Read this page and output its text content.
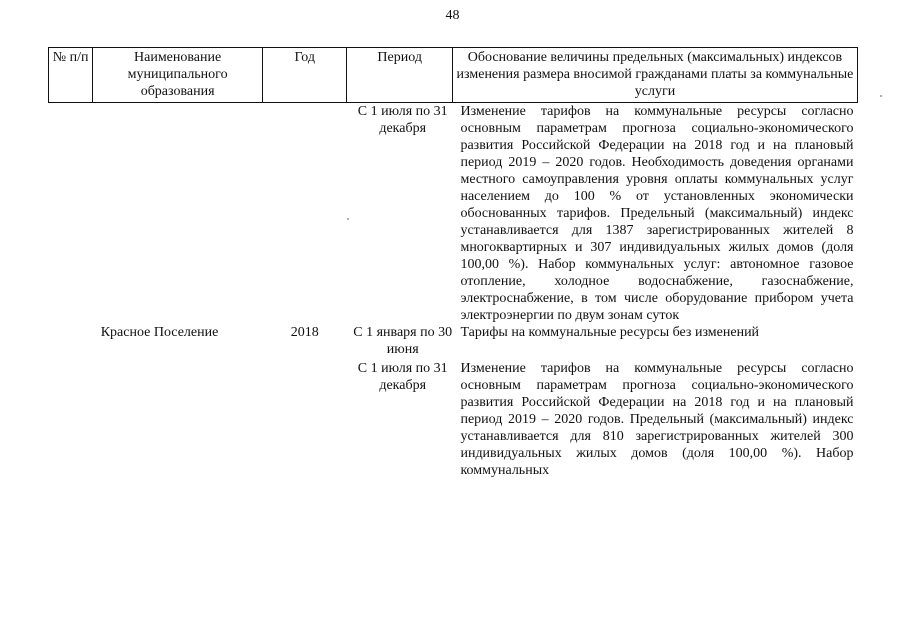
48
№ п/п	Наименование муниципального образования	Год	Период	Обоснование величины предельных (максимальных) индексов изменения размера вносимой гражданами платы за коммунальные услуги
			С 1 июля по 31 декабря	Изменение тарифов на коммунальные ресурсы согласно основным параметрам прогноза социально-экономического развития Российской Федерации на 2018 год и на плановый период 2019 – 2020 годов. Необходимость доведения органами местного самоуправления уровня оплаты коммунальных услуг населением до 100 % от установленных экономически обоснованных тарифов. Предельный (максимальный) индекс устанавливается для 1387 зарегистрированных жителей 8 многоквартирных и 307 индивидуальных жилых домов (доля 100,00 %). Набор коммунальных услуг: автономное газовое отопление, холодное водоснабжение, газоснабжение, электроснабжение, в том числе оборудование прибором учета электроэнергии по двум зонам суток
	Красное Поселение	2018	С 1 января по 30 июня	Тарифы на коммунальные ресурсы без изменений
			С 1 июля по 31 декабря	Изменение тарифов на коммунальные ресурсы согласно основным параметрам прогноза социально-экономического развития Российской Федерации на 2018 год и на плановый период 2019 – 2020 годов. Предельный (максимальный) индекс устанавливается для 810 зарегистрированных жителей 300 индивидуальных жилых домов (доля 100,00 %). Набор коммунальных
